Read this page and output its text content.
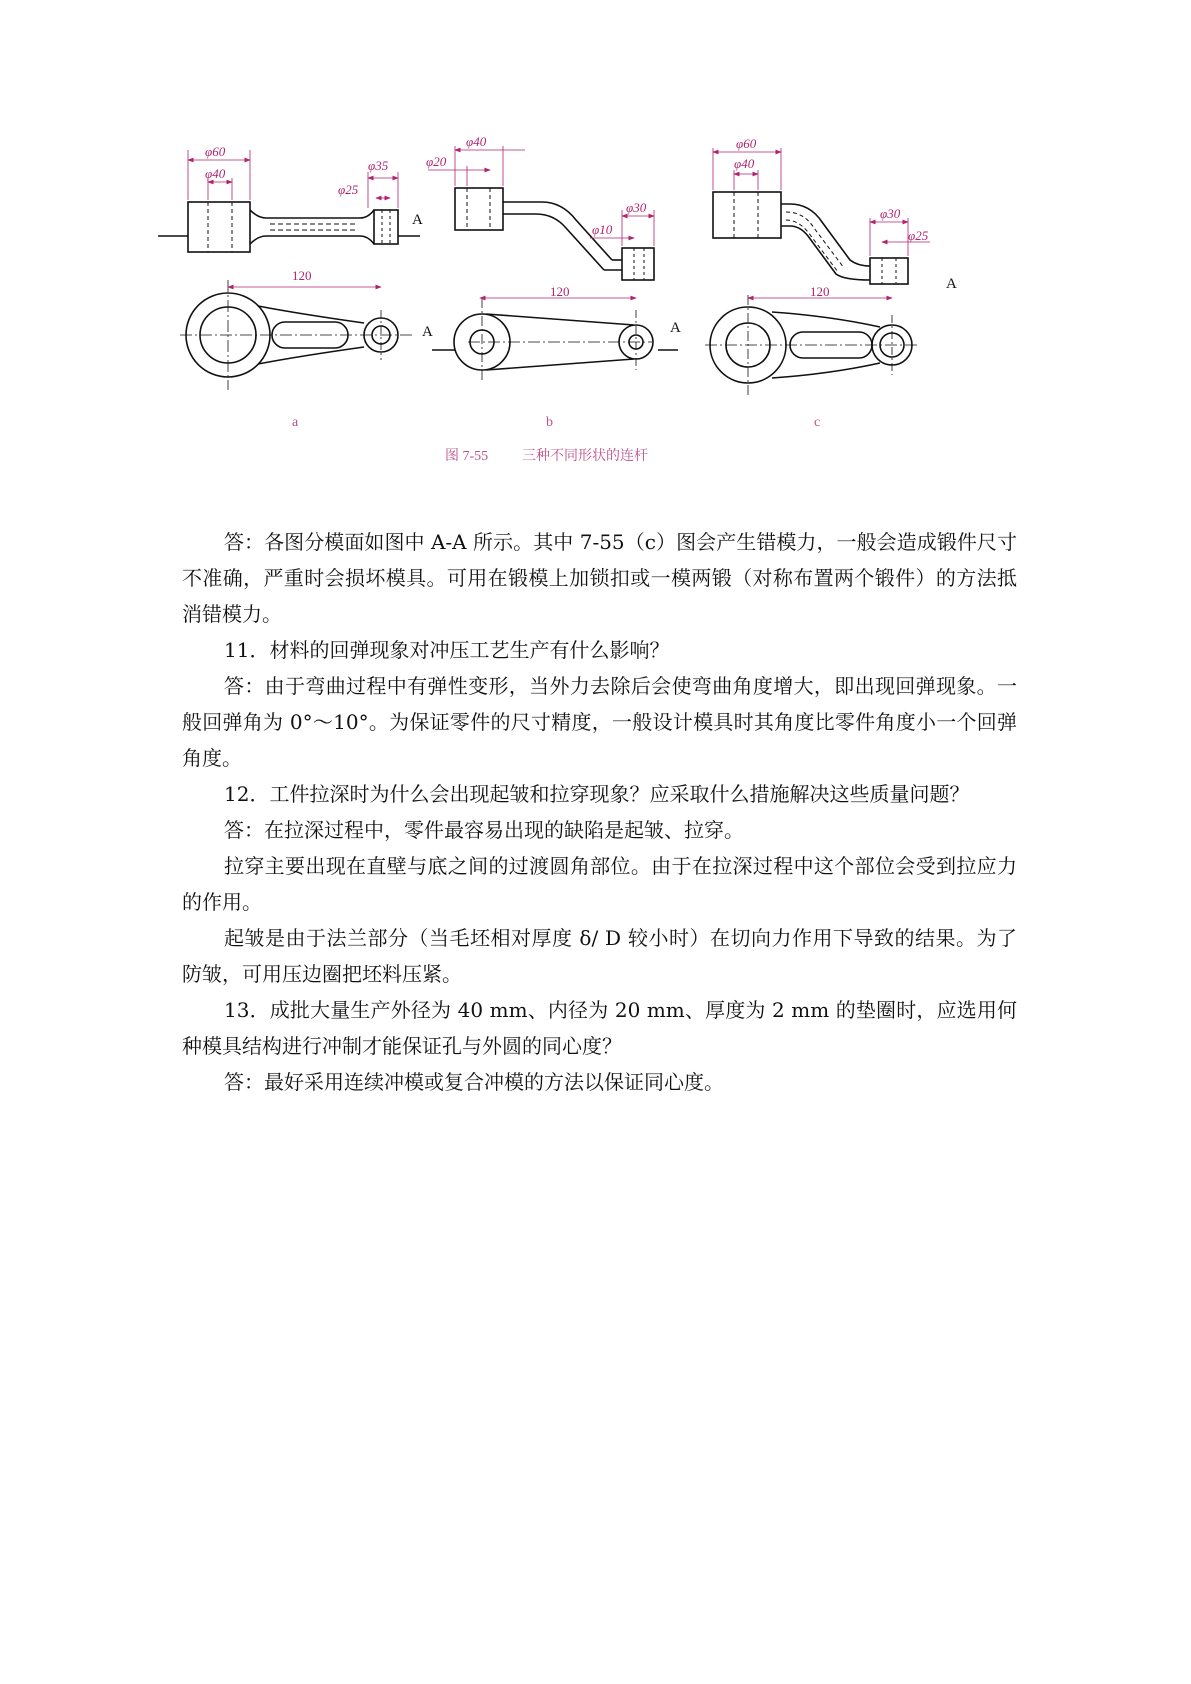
φ60
φ40
φ35
φ25
120
A
a
φ40
φ20
φ30
φ10
120
A	A
b
φ60
φ40
φ30
φ25
120	A
c
图 7-55 三种不同形状的连杆

答：各图分模面如图中 A-A 所示。其中 7-55（c）图会产生错模力，一般会造成锻件尺寸不准确，严重时会损坏模具。可用在锻模上加锁扣或一模两锻（对称布置两个锻件）的方法抵消错模力。

11．材料的回弹现象对冲压工艺生产有什么影响？

答：由于弯曲过程中有弹性变形，当外力去除后会使弯曲角度增大，即出现回弹现象。一般回弹角为 0°～10°。为保证零件的尺寸精度，一般设计模具时其角度比零件角度小一个回弹角度。

12．工件拉深时为什么会出现起皱和拉穿现象？应采取什么措施解决这些质量问题？

答：在拉深过程中，零件最容易出现的缺陷是起皱、拉穿。

拉穿主要出现在直壁与底之间的过渡圆角部位。由于在拉深过程中这个部位会受到拉应力的作用。

起皱是由于法兰部分（当毛坯相对厚度 δ/ D 较小时）在切向力作用下导致的结果。为了防皱，可用压边圈把坯料压紧。

13．成批大量生产外径为 40 mm、内径为 20 mm、厚度为 2 mm 的垫圈时，应选用何种模具结构进行冲制才能保证孔与外圆的同心度？

答：最好采用连续冲模或复合冲模的方法以保证同心度。
